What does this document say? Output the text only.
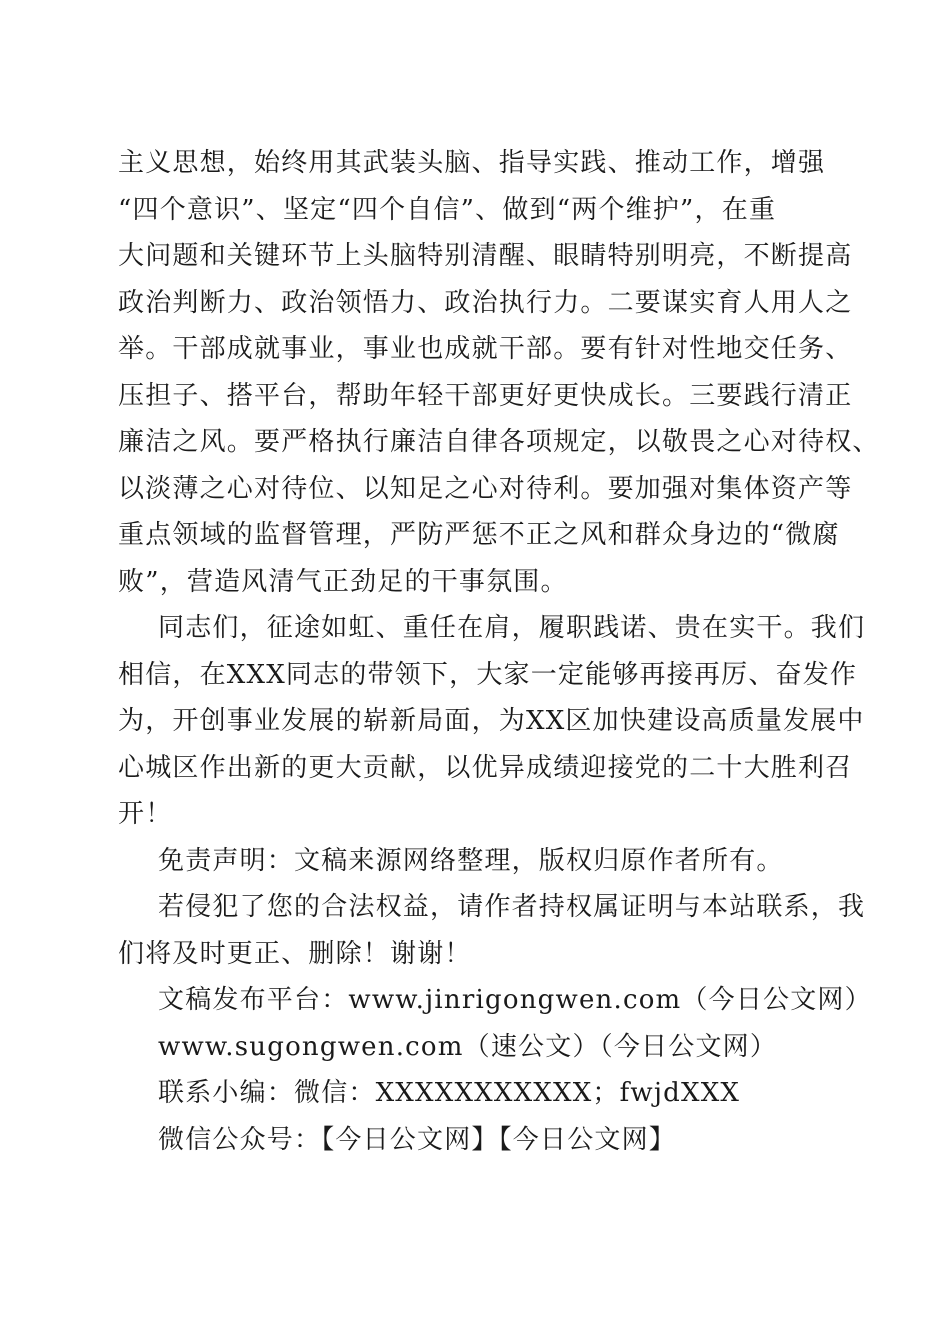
主义思想，始终用其武装头脑、指导实践、推动工作，增强
“四个意识”、坚定“四个自信”、做到“两个维护”，在重
大问题和关键环节上头脑特别清醒、眼睛特别明亮，不断提高
政治判断力、政治领悟力、政治执行力。二要谋实育人用人之
举。干部成就事业，事业也成就干部。要有针对性地交任务、
压担子、搭平台，帮助年轻干部更好更快成长。三要践行清正
廉洁之风。要严格执行廉洁自律各项规定，以敬畏之心对待权、
以淡薄之心对待位、以知足之心对待利。要加强对集体资产等
重点领域的监督管理，严防严惩不正之风和群众身边的“微腐
败”，营造风清气正劲足的干事氛围。
同志们，征途如虹、重任在肩，履职践诺、贵在实干。我们
相信，在XXX同志的带领下，大家一定能够再接再厉、奋发作
为，开创事业发展的崭新局面，为XX区加快建设高质量发展中
心城区作出新的更大贡献，以优异成绩迎接党的二十大胜利召
开！
免责声明：文稿来源网络整理，版权归原作者所有。
若侵犯了您的合法权益，请作者持权属证明与本站联系，我
们将及时更正、删除！谢谢！
文稿发布平台：www.jinrigongwen.com（今日公文网）
www.sugongwen.com（速公文）（今日公文网）
联系小编：微信：XXXXXXXXXXX；fwjdXXX
微信公众号：【今日公文网】【今日公文网】
